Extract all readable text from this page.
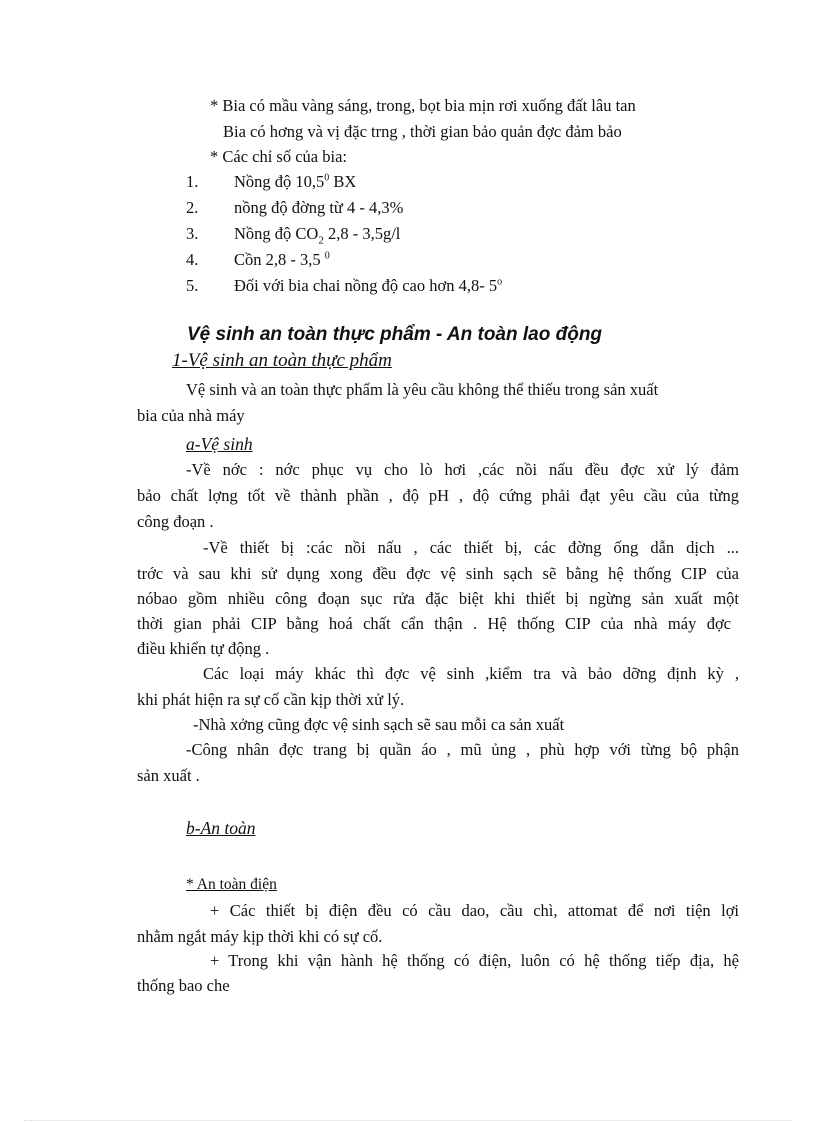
* Bia có mầu vàng sáng, trong, bọt bia mịn rơi xuống đất lâu tan
Bia có hơng và vị đặc trng , thời gian bảo quản đợc đảm bảo
* Các chỉ số của bia:
1. Nồng độ 10,5$^0$ BX
2. nồng độ đờng từ 4 - 4,3%
3. Nồng độ $CO_2$ 2,8 - 3,5g/l
4. Cồn 2,8 - 3,5 $^0$
5. Đối với bia chai nồng độ cao hơn 4,8- 5$^o$
Vệ sinh an toàn thực phẩm - An toàn lao động
1-Vệ sinh an toàn thực phẩm
Vệ sinh và an toàn thực phẩm là yêu cầu không thể thiếu trong sản xuất
bia của nhà máy
a-Vệ sinh
-Về nớc : nớc phục vụ cho lò hơi ,các nồi nấu đều đợc xử lý đảm
bảo chất lợng tốt về thành phần , độ pH , độ cứng phải đạt yêu cầu của từng
công đoạn .
-Về thiết bị :các nồi nấu , các thiết bị, các đờng ống dẫn dịch ...
trớc và sau khi sử dụng xong đều đợc vệ sinh sạch sẽ bằng hệ thống CIP của
nóbao gồm nhiều công đoạn sục rửa đặc biệt khi thiết bị ngừng sản xuất một
thời gian phải CIP bằng hoá chất cẩn thận . Hệ thống CIP của nhà máy đợc
điều khiển tự động .
Các loại máy khác thì đợc vệ sinh ,kiểm tra và bảo dỡng định kỳ ,
khi phát hiện ra sự cố cần kịp thời xử lý.
-Nhà xởng cũng đợc vệ sinh sạch sẽ sau mỗi ca sản xuất
-Công nhân đợc trang bị quần áo , mũ ủng , phù hợp với từng bộ phận
sản xuất .
b-An toàn
* An toàn điện
+ Các thiết bị điện đều có cầu dao, cầu chì, attomat để nơi tiện lợi
nhằm ngắt máy kịp thời khi có sự cố.
+ Trong khi vận hành hệ thống có điện, luôn có hệ thống tiếp địa, hệ
thống bao che
